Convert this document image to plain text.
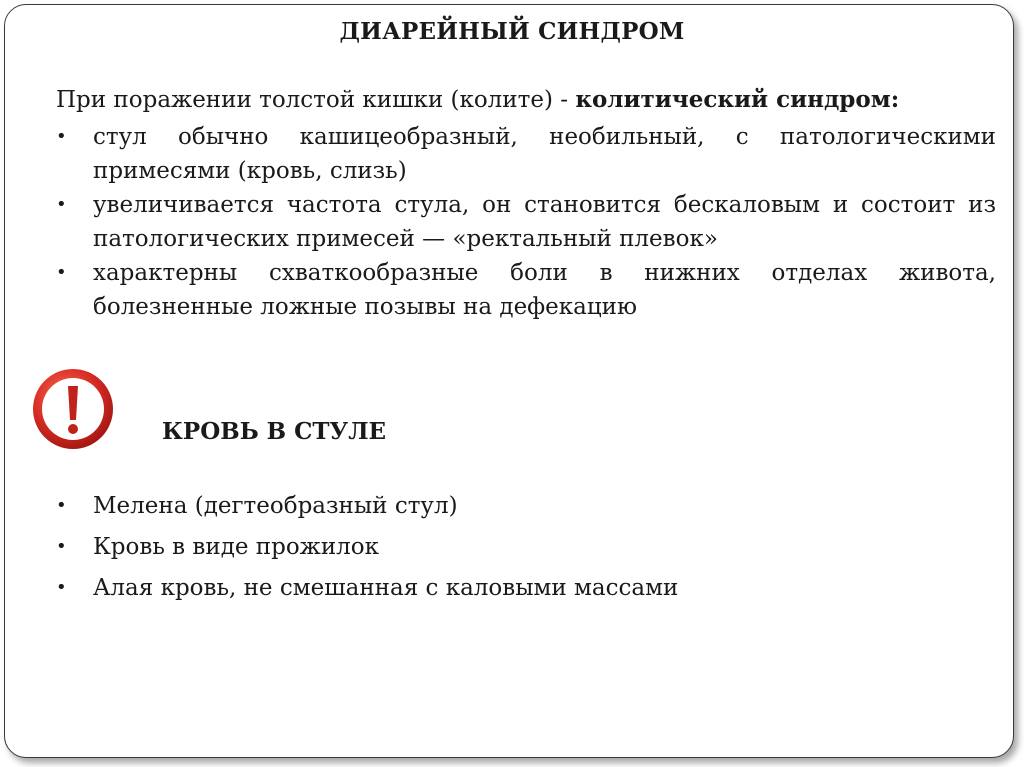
ДИАРЕЙНЫЙ СИНДРОМ
При поражении толстой кишки (колите) - колитический синдром:
• стул обычно кашицеобразный, необильный, с патологическими примесями (кровь, слизь)
• увеличивается частота стула, он становится бескаловым и состоит из патологических примесей — «ректальный плевок»
• характерны схваткообразные боли в нижних отделах живота, болезненные ложные позывы на дефекацию
КРОВЬ В СТУЛЕ
• Мелена (дегтеобразный стул)
• Кровь в виде прожилок
• Алая кровь, не смешанная с каловыми массами
